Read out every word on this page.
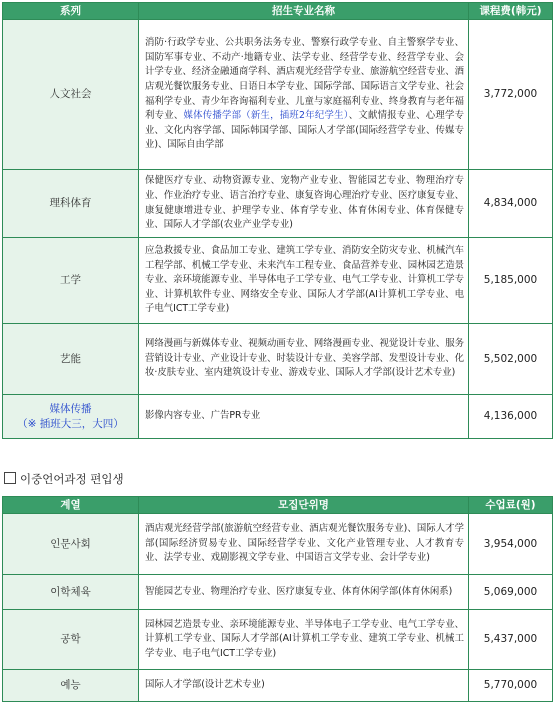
系列	招生专业名称	课程费(韩元)
人文社会	消防·行政学专业、公共职务法务专业、警察行政学专业、自主警察学专业、国防军事专业、不动产·地籍专业、法学专业、经营学专业、经营学专业、会计学专业、经济金融通商学科、酒店观光经营学专业、旅游航空经营专业、酒店观光餐饮服务专业、日语日本学专业、国际学部、国际语言文学专业、社会福利学专业、青少年咨询福利专业、儿童与家庭福利专业、终身教育与老年福利专业、媒体传播学部（新生，插班2年纪学生）、文献情报专业、心理学专业、文化内容学部、国际韩国学部、国际人才学部(国际经营学专业、传媒专业)、国际自由学部	3,772,000
理科体育	保健医疗专业、动物资源专业、宠物产业专业、智能园艺专业、物理治疗专业、作业治疗专业、语言治疗专业、康复咨询心理治疗专业、医疗康复专业、康复健康增进专业、护理学专业、体育学专业、体育休闲专业、体育保健专业、国际人才学部(农业产业学专业)	4,834,000
工学	应急救援专业、食品加工专业、建筑工学专业、消防安全防灾专业、机械汽车工程学部、机械工学专业、未来汽车工程专业、食品营养专业、园林园艺造景专业、亲环境能源专业、半导体电子工学专业、电气工学专业、计算机工学专业、计算机软件专业、网络安全专业、国际人才学部(AI计算机工学专业、电子电气ICT工学专业)	5,185,000
艺能	网络漫画与新媒体专业、视频动画专业、网络漫画专业、视觉设计专业、服务营销设计专业、产业设计专业、时装设计专业、美容学部、发型设计专业、化妆·皮肤专业、室内建筑设计专业、游戏专业、国际人才学部(设计艺术专业)	5,502,000

媒体传播
（※ 插班大三，大四）	影像内容专业、广告PR专业	4,136,000
이중언어과정 편입생
계열	모집단위명	수업료(원)
인문사회	酒店观光经营学部(旅游航空经营专业、酒店观光餐饮服务专业)、国际人才学部(国际经济贸易专业、国际经营学专业、文化产业管理专业、人才教育专业、法学专业、戏剧影视文学专业、中国语言文学专业、会计学专业)	3,954,000
이학체육	智能园艺专业、物理治疗专业、医疗康复专业、体育休闲学部(体育休闲系)	5,069,000
공학	园林园艺造景专业、亲环境能源专业、半导体电子工学专业、电气工学专业、计算机工学专业、国际人才学部(AI计算机工学专业、建筑工学专业、机械工学专业、电子电气ICT工学专业)	5,437,000
예능	国际人才学部(设计艺术专业)	5,770,000
